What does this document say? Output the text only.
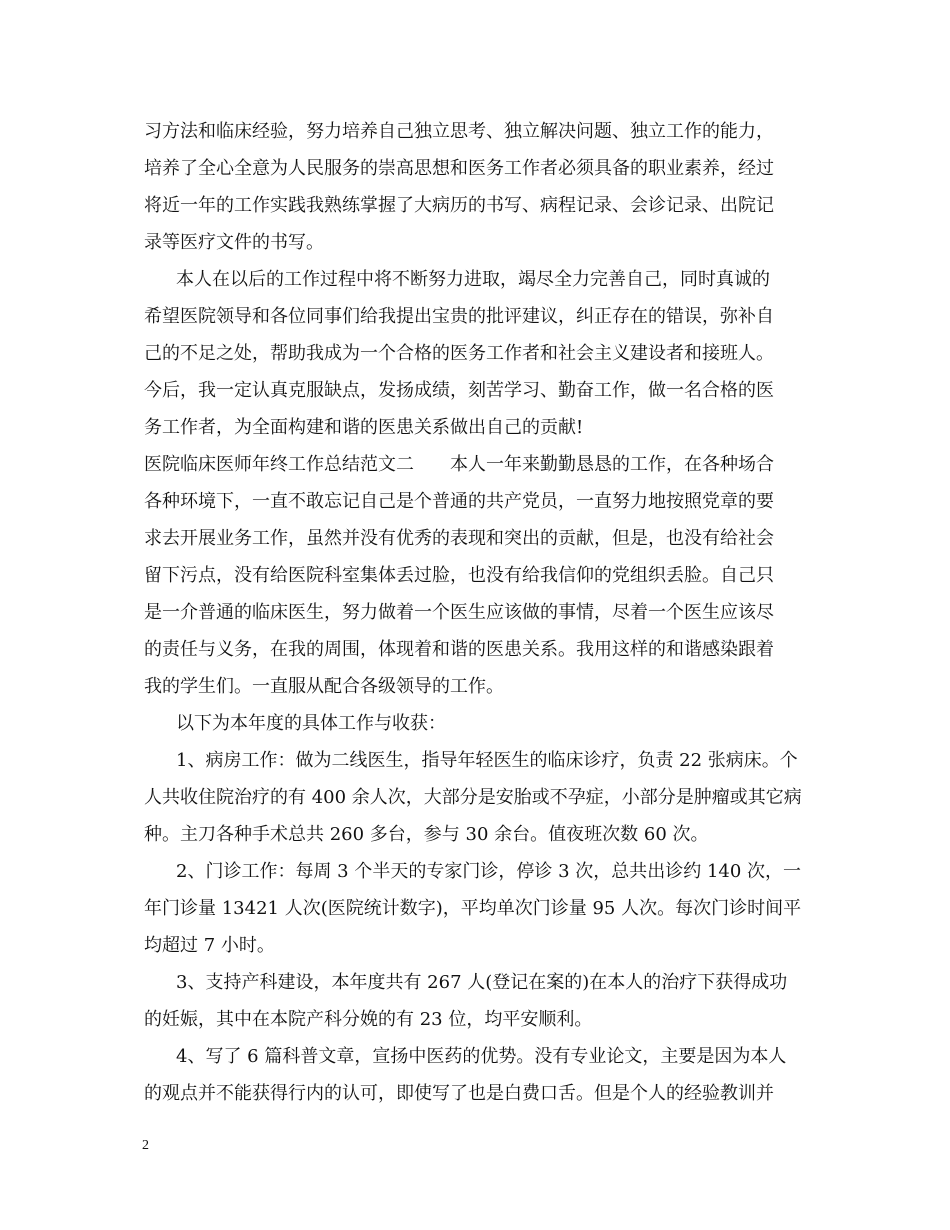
习方法和临床经验，努力培养自己独立思考、独立解决问题、独立工作的能力，
培养了全心全意为人民服务的崇高思想和医务工作者必须具备的职业素养，经过
将近一年的工作实践我熟练掌握了大病历的书写、病程记录、会诊记录、出院记
录等医疗文件的书写。
本人在以后的工作过程中将不断努力进取，竭尽全力完善自己，同时真诚的
希望医院领导和各位同事们给我提出宝贵的批评建议，纠正存在的错误，弥补自
己的不足之处，帮助我成为一个合格的医务工作者和社会主义建设者和接班人。
今后，我一定认真克服缺点，发扬成绩，刻苦学习、勤奋工作，做一名合格的医
务工作者，为全面构建和谐的医患关系做出自己的贡献!
医院临床医师年终工作总结范文二　　本人一年来勤勤恳恳的工作，在各种场合
各种环境下，一直不敢忘记自己是个普通的共产党员，一直努力地按照党章的要
求去开展业务工作，虽然并没有优秀的表现和突出的贡献，但是，也没有给社会
留下污点，没有给医院科室集体丢过脸，也没有给我信仰的党组织丢脸。自己只
是一介普通的临床医生，努力做着一个医生应该做的事情，尽着一个医生应该尽
的责任与义务，在我的周围，体现着和谐的医患关系。我用这样的和谐感染跟着
我的学生们。一直服从配合各级领导的工作。
以下为本年度的具体工作与收获：
1、病房工作：做为二线医生，指导年轻医生的临床诊疗，负责 22 张病床。个
人共收住院治疗的有 400 余人次，大部分是安胎或不孕症，小部分是肿瘤或其它病
种。主刀各种手术总共 260 多台，参与 30 余台。值夜班次数 60 次。
2、门诊工作：每周 3 个半天的专家门诊，停诊 3 次，总共出诊约 140 次，一
年门诊量 13421 人次(医院统计数字)，平均单次门诊量 95 人次。每次门诊时间平
均超过 7 小时。
3、支持产科建设，本年度共有 267 人(登记在案的)在本人的治疗下获得成功
的妊娠，其中在本院产科分娩的有 23 位，均平安顺利。
4、写了 6 篇科普文章，宣扬中医药的优势。没有专业论文，主要是因为本人
的观点并不能获得行内的认可，即使写了也是白费口舌。但是个人的经验教训并
2
